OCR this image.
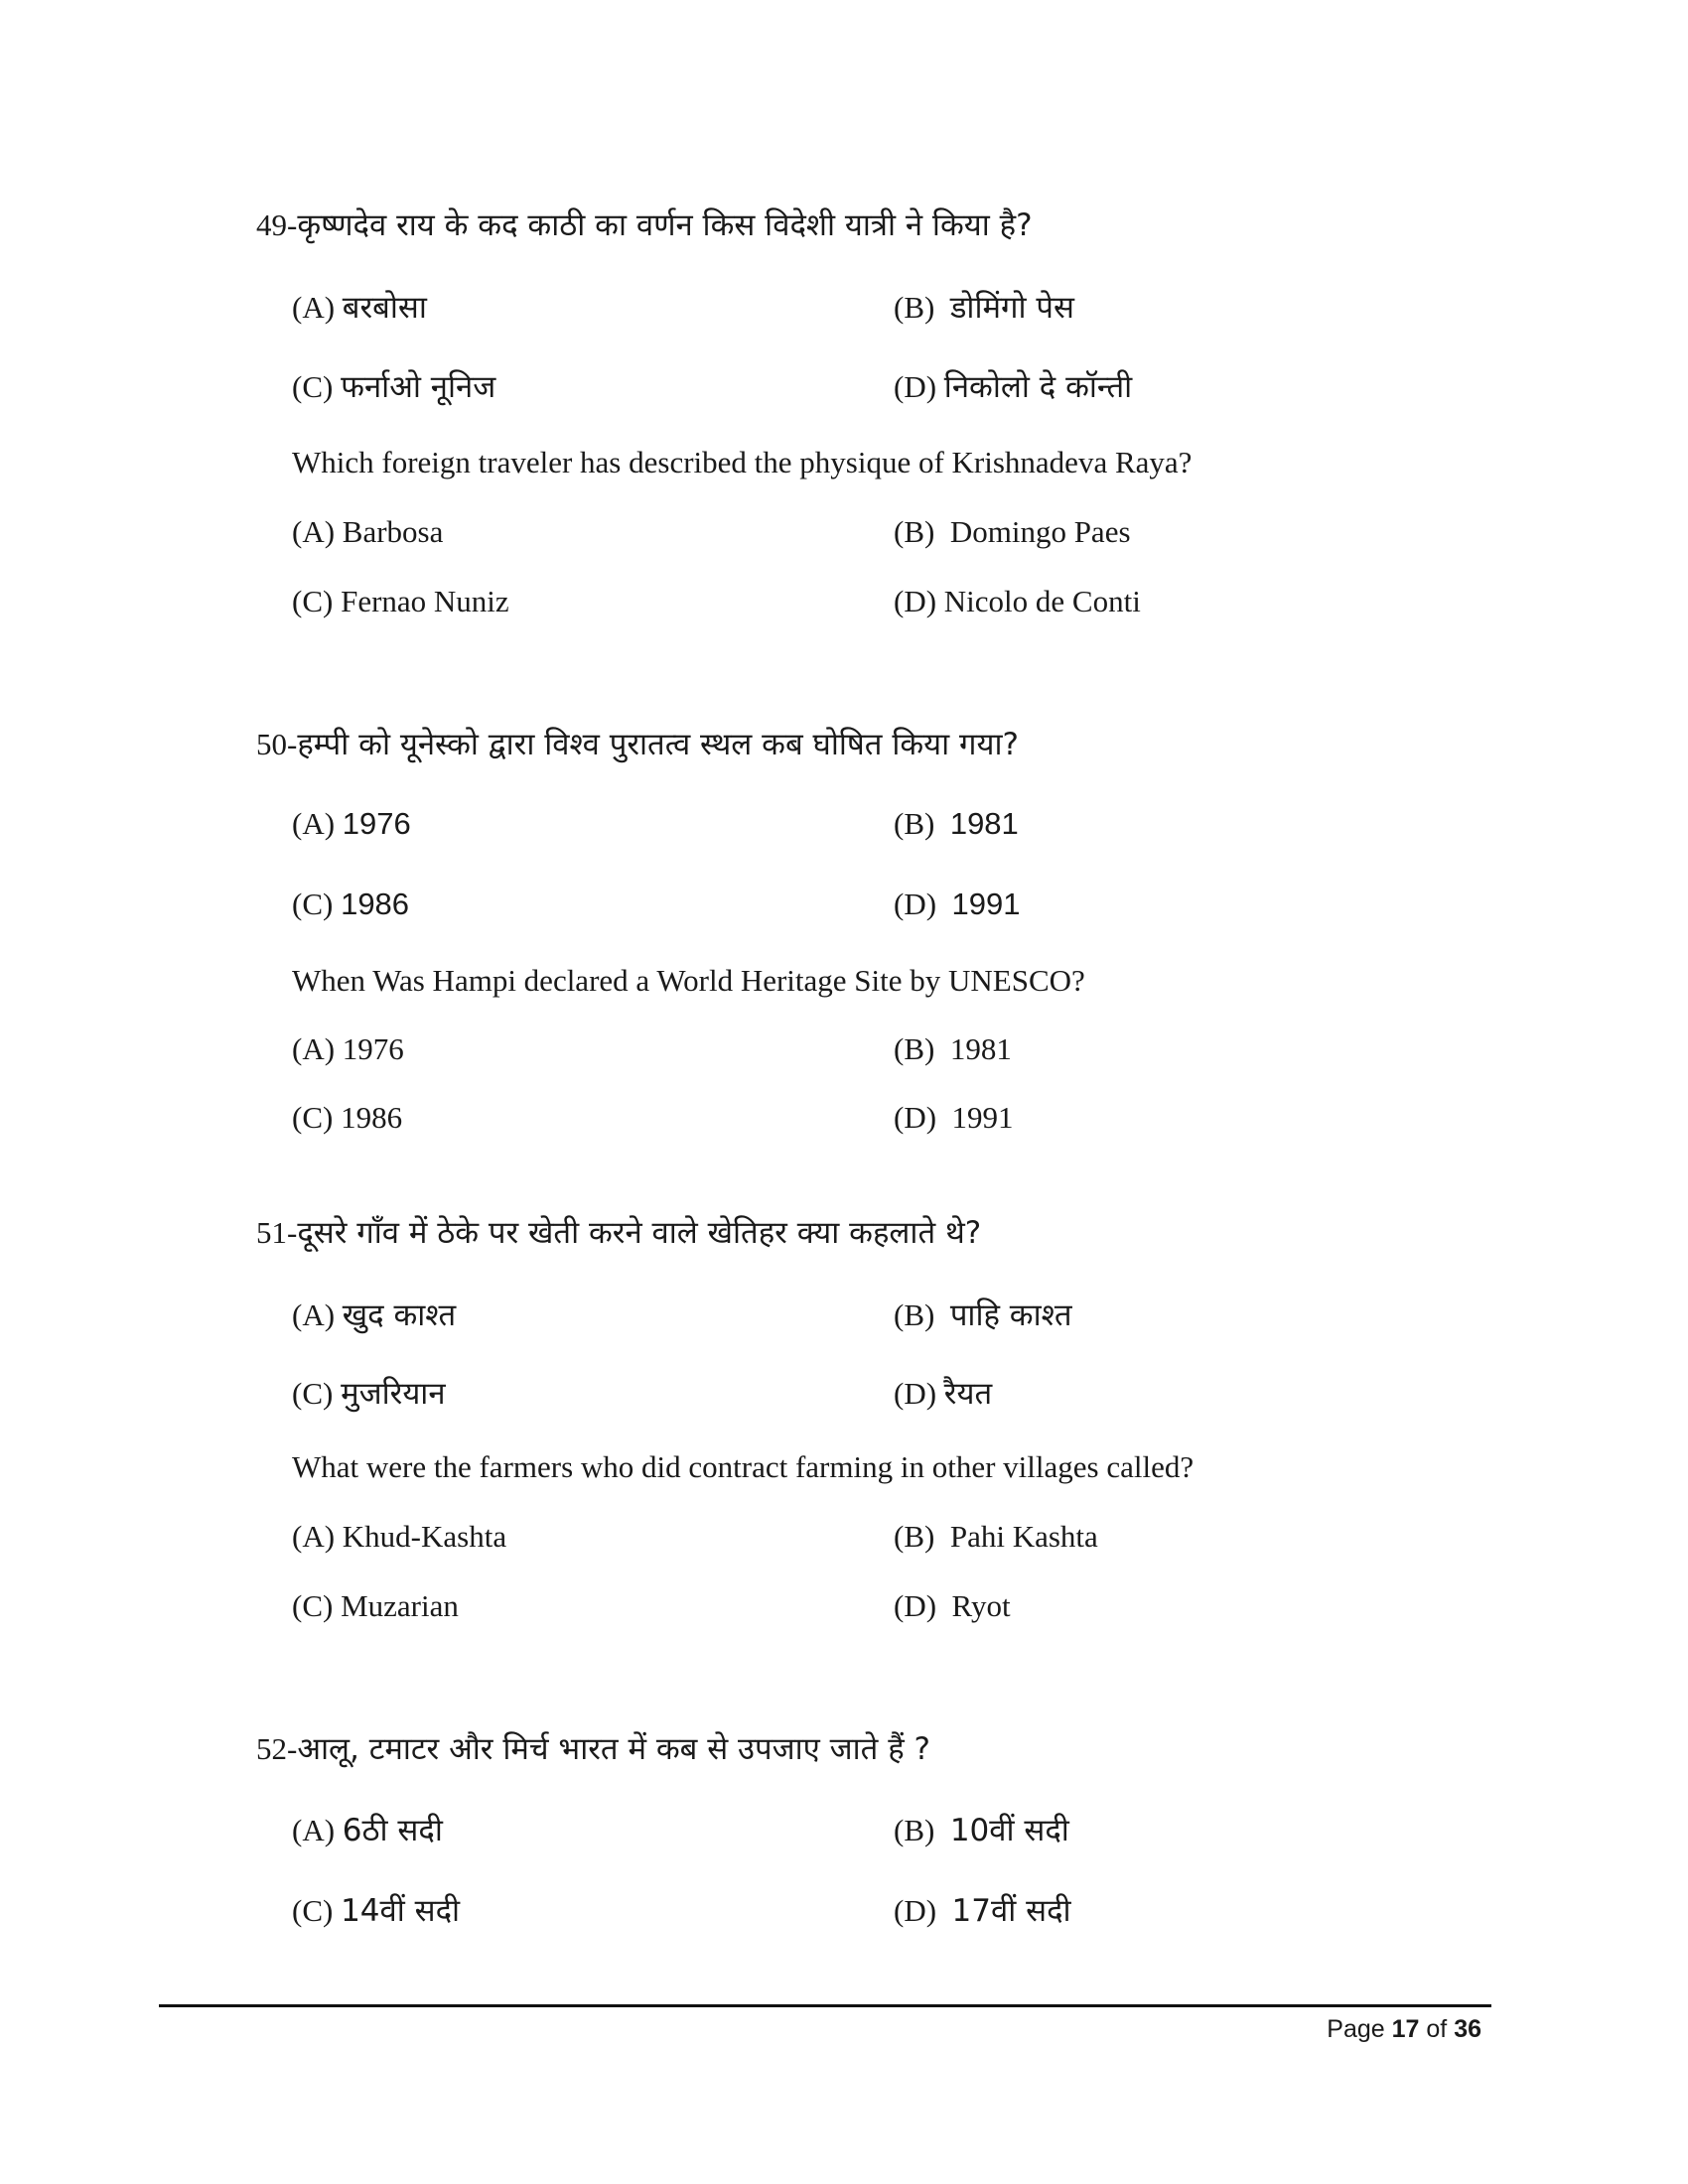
49-कृष्णदेव राय के कद काठी का वर्णन किस विदेशी यात्री ने किया है?
(A) बरबोसा	(B) डोमिंगो पेस
(C) फर्नाओ नूनिज	(D) निकोलो दे कॉन्ती
Which foreign traveler has described the physique of Krishnadeva Raya?
(A) Barbosa	(B) Domingo Paes
(C) Fernao Nuniz	(D) Nicolo de Conti
50-हम्पी को यूनेस्को द्वारा विश्व पुरातत्व स्थल कब घोषित किया गया?
(A) 1976	(B) 1981
(C) 1986	(D) 1991
When Was Hampi declared a World Heritage Site by UNESCO?
(A) 1976	(B) 1981
(C) 1986	(D) 1991
51-दूसरे गाँव में ठेके पर खेती करने वाले खेतिहर क्या कहलाते थे?
(A) खुद काश्त	(B) पाहि काश्त
(C) मुजरियान	(D) रैयत
What were the farmers who did contract farming in other villages called?
(A) Khud-Kashta	(B) Pahi Kashta
(C) Muzarian	(D) Ryot
52-आलू, टमाटर और मिर्च भारत में कब से उपजाए जाते हैं ?
(A) 6ठी सदी	(B) 10वीं सदी
(C) 14वीं सदी	(D) 17वीं सदी
Page 17 of 36
